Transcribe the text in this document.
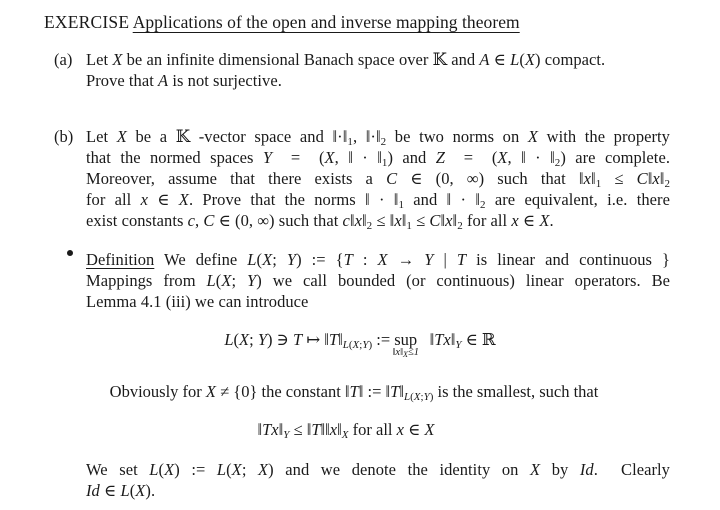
EXERCISE Applications of the open and inverse mapping theorem
(a) Let X be an infinite dimensional Banach space over 𝕂 and A ∈ L(X) compact.
Prove that A is not surjective.
(b) Let X be a 𝕂 -vector space and ‖·‖1, ‖·‖2 be two norms on X with the property
that the normed spaces Y  =  (X, ‖ · ‖1) and Z  =  (X, ‖ · ‖2) are complete.
Moreover, assume that there exists a C ∈ (0, ∞) such that ‖x‖1 ≤ C‖x‖2
for all x ∈ X. Prove that the norms ‖ · ‖1 and ‖ · ‖2 are equivalent, i.e. there
exist constants c, C ∈ (0, ∞) such that c‖x‖2 ≤ ‖x‖1 ≤ C‖x‖2 for all x ∈ X.
Definition We define L(X; Y) := {T : X → Y | T is linear and continuous }
Mappings from L(X; Y) we call bounded (or continuous) linear operators. Be
Lemma 4.1 (iii) we can introduce
L(X; Y) ∋ T ↦ ‖T‖L(X;Y) := sup
‖x‖X≤1
‖Tx‖Y ∈ ℝ
Obviously for X ≠ {0} the constant ‖T‖ := ‖T‖L(X;Y) is the smallest, such that
‖Tx‖Y ≤ ‖T‖‖x‖X for all x ∈ X
We set L(X) := L(X; X) and we denote the identity on X by Id.  Clearly
Id ∈ L(X).
